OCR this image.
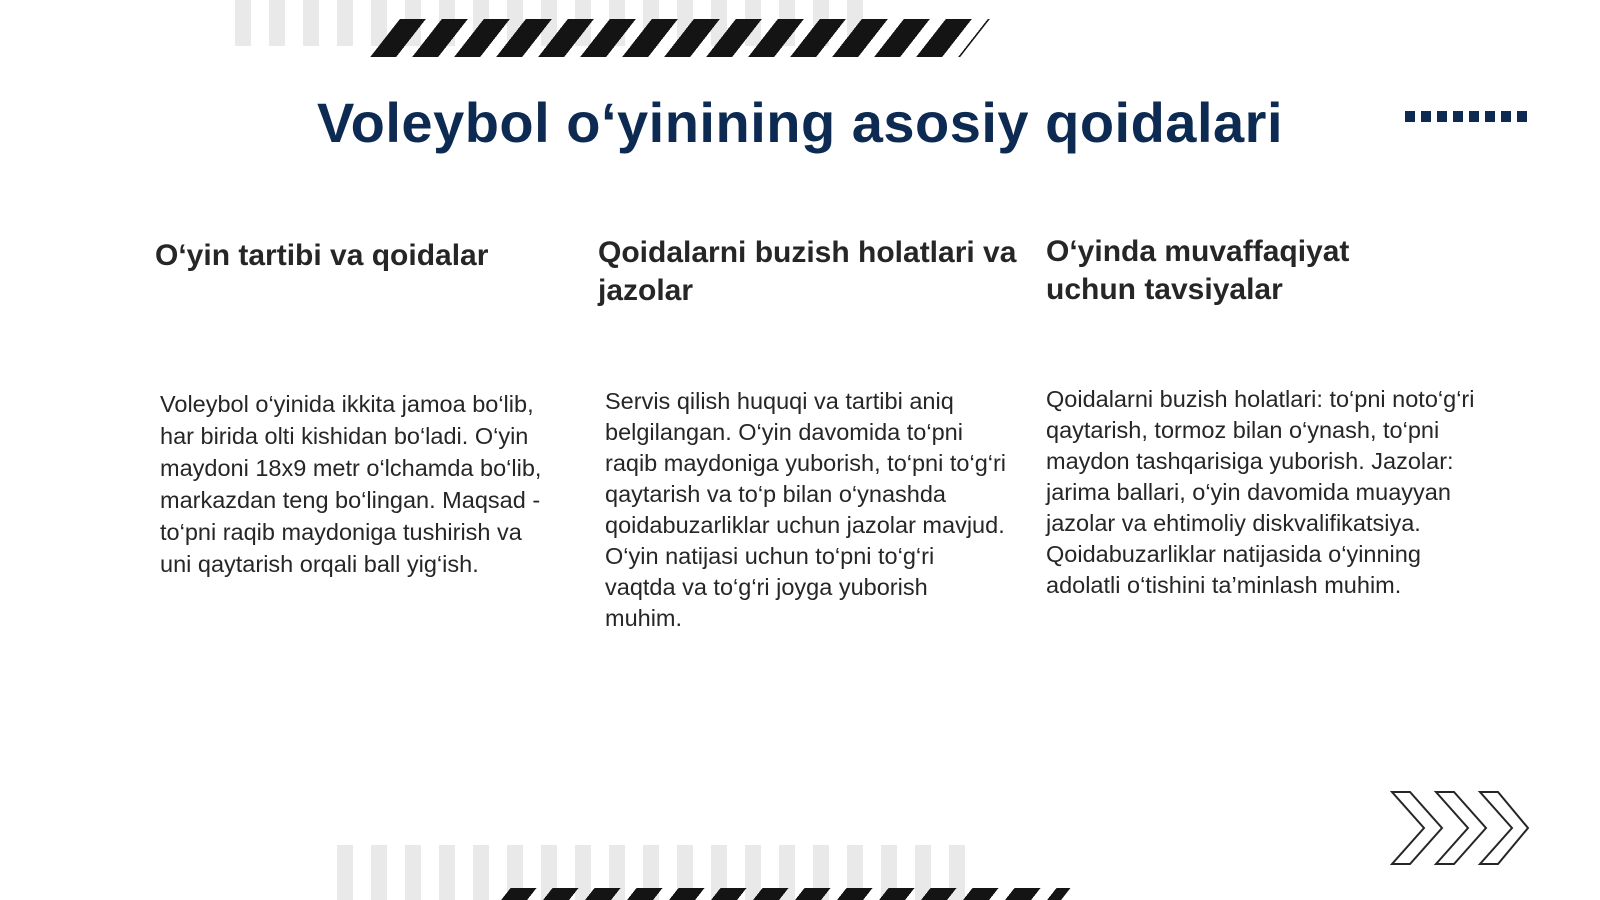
Voleybol o‘yinining asosiy qoidalari
O‘yin tartibi va qoidalar

Voleybol o‘yinida ikkita jamoa bo‘lib, har birida olti kishidan bo‘ladi. O‘yin maydoni 18x9 metr o‘lchamda bo‘lib, markazdan teng bo‘lingan. Maqsad - to‘pni raqib maydoniga tushirish va uni qaytarish orqali ball yig‘ish.

Qoidalarni buzish holatlari va jazolar

Servis qilish huquqi va tartibi aniq belgilangan. O‘yin davomida to‘pni raqib maydoniga yuborish, to‘pni to‘g‘ri qaytarish va to‘p bilan o‘ynashda qoidabuzarliklar uchun jazolar mavjud. O‘yin natijasi uchun to‘pni to‘g‘ri vaqtda va to‘g‘ri joyga yuborish muhim.

O‘yinda muvaffaqiyat uchun tavsiyalar

Qoidalarni buzish holatlari: to‘pni noto‘g‘ri qaytarish, tormoz bilan o‘ynash, to‘pni maydon tashqarisiga yuborish. Jazolar: jarima ballari, o‘yin davomida muayyan jazolar va ehtimoliy diskvalifikatsiya. Qoidabuzarliklar natijasida o‘yinning adolatli o‘tishini ta’minlash muhim.
